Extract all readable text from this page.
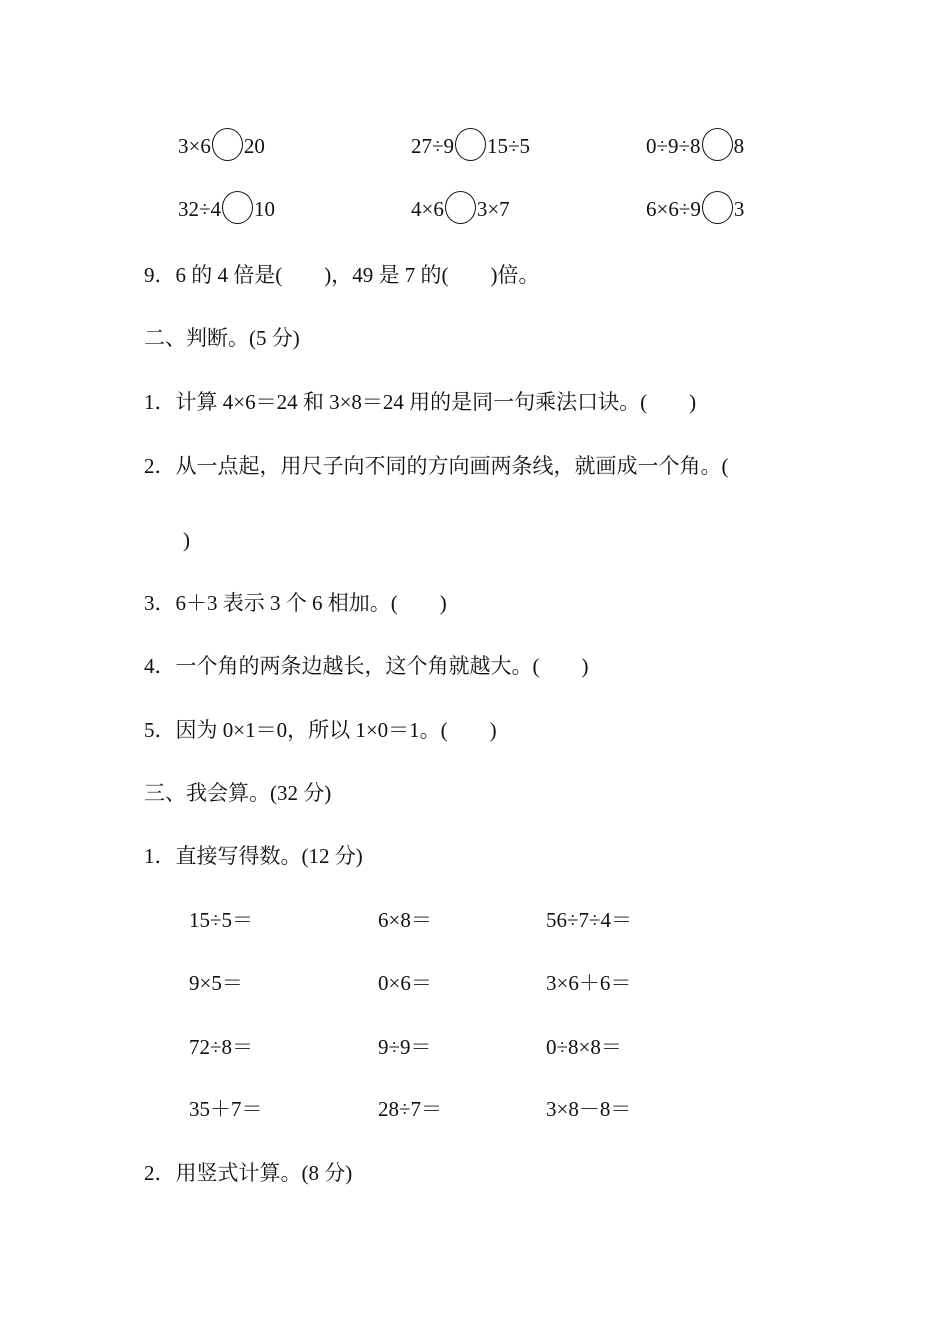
3×6 20	27÷9 15÷5	0÷9÷8 8
32÷4 10	4×6 3×7	6×6÷9 3
9．6 的 4 倍是(　　)，49 是 7 的(　　)倍。
二、判断。(5 分)
1．计算 4×6＝24 和 3×8＝24 用的是同一句乘法口诀。(　　)
2．从一点起，用尺子向不同的方向画两条线，就画成一个角。(
)
3．6＋3 表示 3 个 6 相加。(　　)
4．一个角的两条边越长，这个角就越大。(　　)
5．因为 0×1＝0，所以 1×0＝1。(　　)
三、我会算。(32 分)
1．直接写得数。(12 分)
15÷5＝	6×8＝	56÷7÷4＝
9×5＝	0×6＝	3×6＋6＝
72÷8＝	9÷9＝	0÷8×8＝
35＋7＝	28÷7＝	3×8－8＝
2．用竖式计算。(8 分)
